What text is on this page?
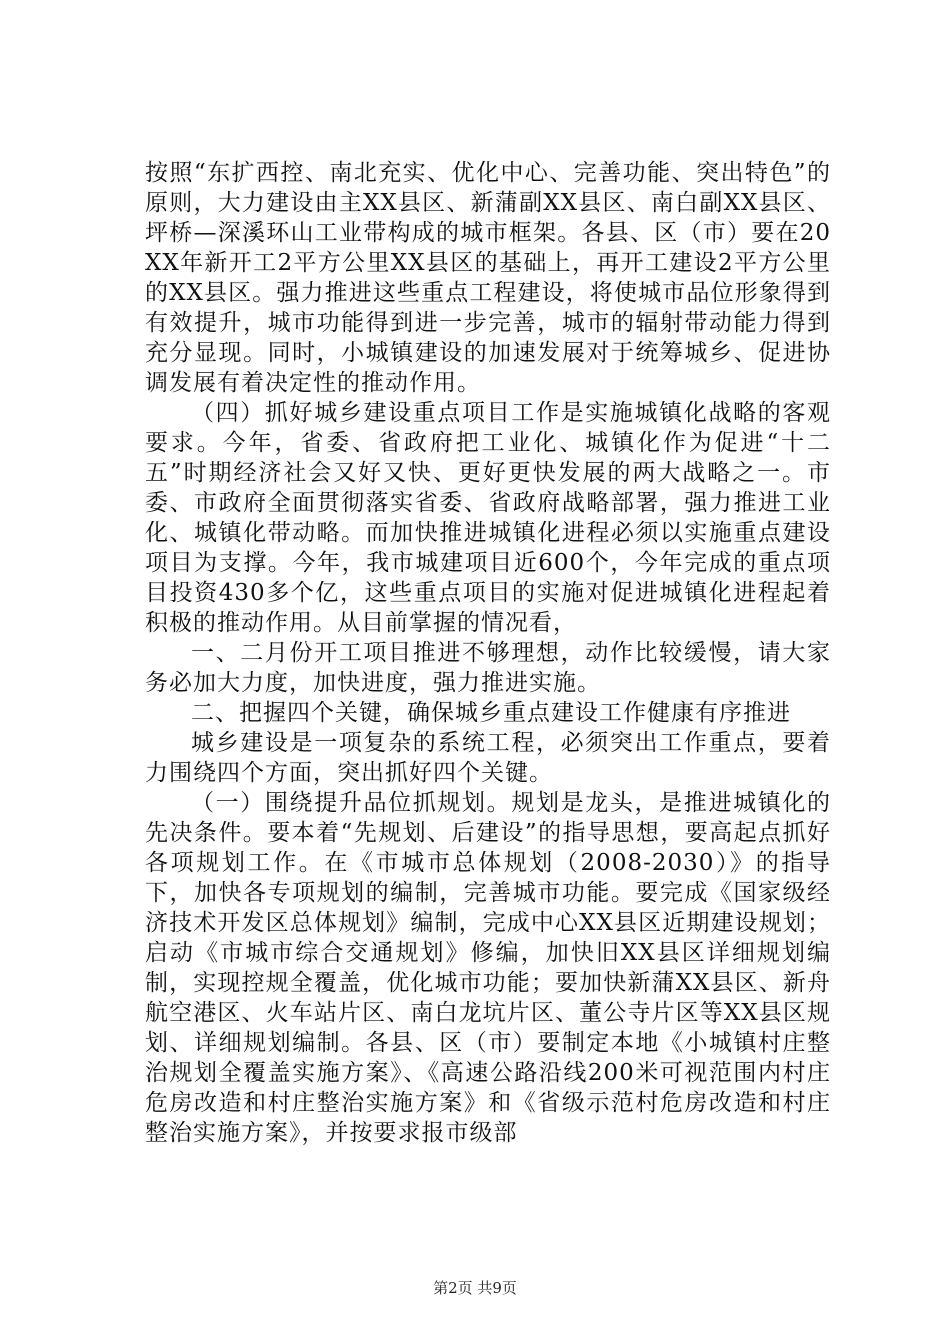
按照“东扩西控、南北充实、优化中心、完善功能、突出特色”的原则，大力建设由主XX县区、新蒲副XX县区、南白副XX县区、坪桥—深溪环山工业带构成的城市框架。各县、区（市）要在20XX年新开工2平方公里XX县区的基础上，再开工建设2平方公里的XX县区。强力推进这些重点工程建设，将使城市品位形象得到有效提升，城市功能得到进一步完善，城市的辐射带动能力得到充分显现。同时，小城镇建设的加速发展对于统筹城乡、促进协调发展有着决定性的推动作用。

（四）抓好城乡建设重点项目工作是实施城镇化战略的客观要求。今年，省委、省政府把工业化、城镇化作为促进“十二五”时期经济社会又好又快、更好更快发展的两大战略之一。市委、市政府全面贯彻落实省委、省政府战略部署，强力推进工业化、城镇化带动略。而加快推进城镇化进程必须以实施重点建设项目为支撑。今年，我市城建项目近600个，今年完成的重点项目投资430多个亿，这些重点项目的实施对促进城镇化进程起着积极的推动作用。从目前掌握的情况看，

一、二月份开工项目推进不够理想，动作比较缓慢，请大家务必加大力度，加快进度，强力推进实施。

二、把握四个关键，确保城乡重点建设工作健康有序推进

城乡建设是一项复杂的系统工程，必须突出工作重点，要着力围绕四个方面，突出抓好四个关键。

（一）围绕提升品位抓规划。规划是龙头，是推进城镇化的先决条件。要本着“先规划、后建设”的指导思想，要高起点抓好各项规划工作。在《市城市总体规划（2008-2030）》的指导下，加快各专项规划的编制，完善城市功能。要完成《国家级经济技术开发区总体规划》编制，完成中心XX县区近期建设规划；启动《市城市综合交通规划》修编，加快旧XX县区详细规划编制，实现控规全覆盖，优化城市功能；要加快新蒲XX县区、新舟航空港区、火车站片区、南白龙坑片区、董公寺片区等XX县区规划、详细规划编制。各县、区（市）要制定本地《小城镇村庄整治规划全覆盖实施方案》、《高速公路沿线200米可视范围内村庄危房改造和村庄整治实施方案》和《省级示范村危房改造和村庄整治实施方案》，并按要求报市级部

第2页 共9页
